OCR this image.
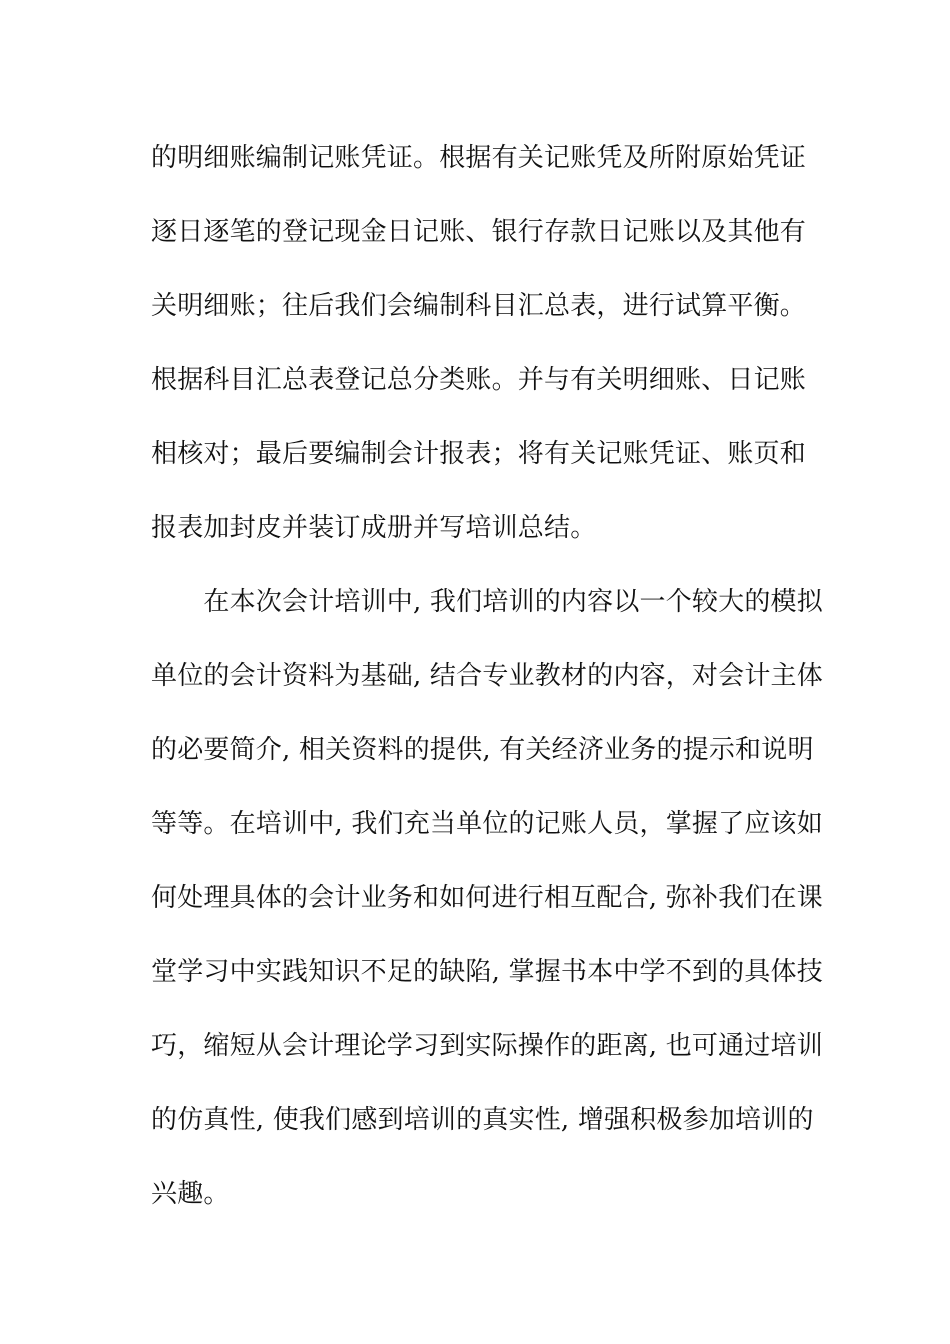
的明细账编制记账凭证。根据有关记账凭及所附原始凭证
逐日逐笔的登记现金日记账、银行存款日记账以及其他有
关明细账；往后我们会编制科目汇总表，进行试算平衡。
根据科目汇总表登记总分类账。并与有关明细账、日记账
相核对；最后要编制会计报表；将有关记账凭证、账页和
报表加封皮并装订成册并写培训总结。
　　在本次会计培训中, 我们培训的内容以一个较大的模拟
单位的会计资料为基础, 结合专业教材的内容，对会计主体
的必要简介, 相关资料的提供, 有关经济业务的提示和说明
等等。在培训中, 我们充当单位的记账人员，掌握了应该如
何处理具体的会计业务和如何进行相互配合, 弥补我们在课
堂学习中实践知识不足的缺陷, 掌握书本中学不到的具体技
巧，缩短从会计理论学习到实际操作的距离, 也可通过培训
的仿真性, 使我们感到培训的真实性, 增强积极参加培训的
兴趣。
